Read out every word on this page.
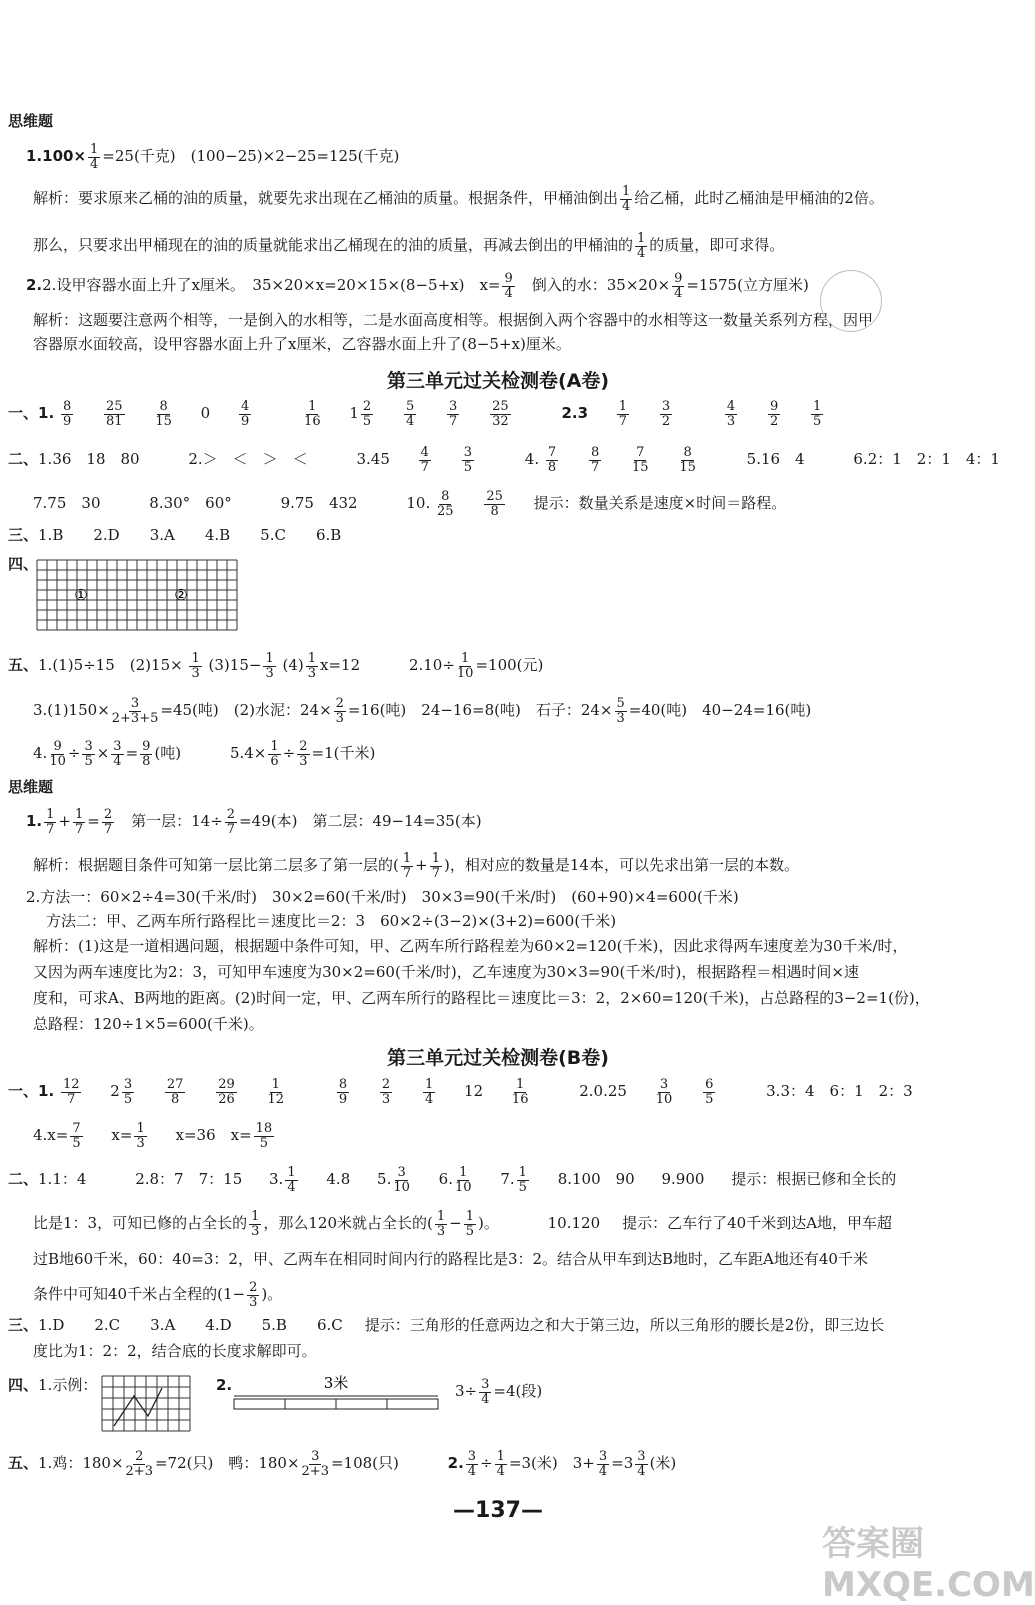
思维题
$1.100\times \frac{1}{4} =25$(千克)　(100−25)×2−25=125(千克)
解析：要求原来乙桶的油的质量，就要先求出现在乙桶油的质量。根据条件，甲桶油倒出 $\frac{1}{4}$ 给乙桶，此时乙桶油是甲桶油的2倍。
那么，只要求出甲桶现在的油的质量就能求出乙桶现在的油的质量，再减去倒出的甲桶油的 $\frac{1}{4}$ 的质量，即可求得。
2.2.设甲容器水面上升了x厘米。　35×20×x=20×15×(8−5+x)　$x= \frac{9}{4}$ 　倒入的水：$35\times 20\times \frac{9}{4} =1575$(立方厘米)
解析：这题要注意两个相等，一是倒入的水相等，二是水面高度相等。根据倒入两个容器中的水相等这一数量关系列方程，因甲
容器原水面较高，设甲容器水面上升了x厘米，乙容器水面上升了(8−5+x)厘米。
第三单元过关检测卷(A卷)
一、1. $\frac{8}{9}$
$\frac{25}{81}$
$\frac{8}{15} 0 \frac{4}{9}$
	$\frac{1}{16} 1 \frac{2}{5}$
$\frac{5}{4}$
$\frac{3}{7}$
$\frac{25}{32}$	$2.3 \frac{1}{7}$
$\frac{3}{2}$
	$\frac{4}{3}$
$\frac{9}{2}$
$\frac{1}{5}$
二、1.36　18　80	2.＞　＜　＞　＜	$3.45 \frac{4}{7}$
$\frac{3}{5}$	4. $\frac{7}{8}$
$\frac{8}{7}$
$\frac{7}{15}$
$\frac{8}{15}$	5.16　4	6.2：1　2：1　4：1
7.75　30	8.30°　60°	9.75　432	10. $\frac{8}{25}$
$\frac{25}{8}$ 提示：数量关系是速度×时间＝路程。
三、1.B　　2.D　　3.A　　4.B　　5.C　　6.B
四、
①	②
五、1.(1)5÷15　$(2)15\times \frac{1}{3} (3)15- \frac{1}{3} (4) \frac{1}{3} x=12$	$2.10\div \frac{1}{10} =100$(元)
$3.(1)150\times \frac{3}{2+3+5} =45$(吨)　(2)水泥：$24\times \frac{2}{3} =16$(吨)　24−16=8(吨)　石子：$24\times \frac{5}{3} =40$(吨)　40−24=16(吨)
4. $\frac{9}{10} \div \frac{3}{5} \times \frac{3}{4} = \frac{9}{8}$ (吨)	$5.4\times \frac{1}{6} \div \frac{2}{3} =1$(千米)
思维题
1. $\frac{1}{7} + \frac{1}{7} = \frac{2}{7}$ 　第一层：$14\div \frac{2}{7} =49$(本)　第二层：49−14=35(本)
解析：根据题目条件可知第一层比第二层多了第一层的( $\frac{1}{7} + \frac{1}{7}$ )，相对应的数量是14本，可以先求出第一层的本数。
2.方法一：60×2÷4=30(千米/时)　30×2=60(千米/时)　30×3=90(千米/时)　(60+90)×4=600(千米)
方法二：甲、乙两车所行路程比＝速度比＝2：3　60×2÷(3−2)×(3+2)=600(千米)
解析：(1)这是一道相遇问题，根据题中条件可知，甲、乙两车所行路程差为60×2=120(千米)，因此求得两车速度差为30千米/时，
又因为两车速度比为2：3，可知甲车速度为30×2=60(千米/时)，乙车速度为30×3=90(千米/时)，根据路程＝相遇时间×速
度和，可求A、B两地的距离。(2)时间一定，甲、乙两车所行的路程比＝速度比＝3：2，2×60=120(千米)，占总路程的3−2=1(份)，
总路程：120÷1×5=600(千米)。
第三单元过关检测卷(B卷)
一、1. $\frac{12}{7} 2 \frac{3}{5}$
$\frac{27}{8}$
$\frac{29}{26}$
$\frac{1}{12}$
	$\frac{8}{9}$
$\frac{2}{3}$
$\frac{1}{4} 12 \frac{1}{16}$	$2.0.25 \frac{3}{10}$
$\frac{6}{5}$	3.3：4　6：1　2：3
$4.x= \frac{7}{5} x= \frac{1}{3} x=36$　$x= \frac{18}{5}$
二、1.1：4	2.8：7　7：15 3. $\frac{1}{4} 4.8$ 5. $\frac{3}{10} 6$. $\frac{1}{10} 7$. $\frac{1}{5} 8.100$　90 9.900 提示：根据已修和全长的
比是1：3，可知已修的占全长的 $\frac{1}{3}$ ，那么120米就占全长的( $\frac{1}{3} - \frac{1}{5}$ )。	10.120 提示：乙车行了40千米到达A地，甲车超
过B地60千米，60：40=3：2，甲、乙两车在相同时间内行的路程比是3：2。结合从甲车到达B地时，乙车距A地还有40千米
条件中可知40千米占全程的($1- \frac{2}{3}$ )。
三、1.D　　2.C　　3.A　　4.D　　5.B　　6.C 提示：三角形的任意两边之和大于第三边，所以三角形的腰长是2份，即三边长
度比为1：2：2，结合底的长度求解即可。
四、1.示例：	2.	3米	$3\div \frac{3}{4} =4$(段)
五、1.鸡：$180\times \frac{2}{2+3} =72$(只)　鸭：$180\times \frac{3}{2+3} =108$(只)	2. $\frac{3}{4} \div \frac{1}{4} =3$(米)　$3+ \frac{3}{4} =3 \frac{3}{4}$ (米)
—137—
答案圈 MXQE.COM
